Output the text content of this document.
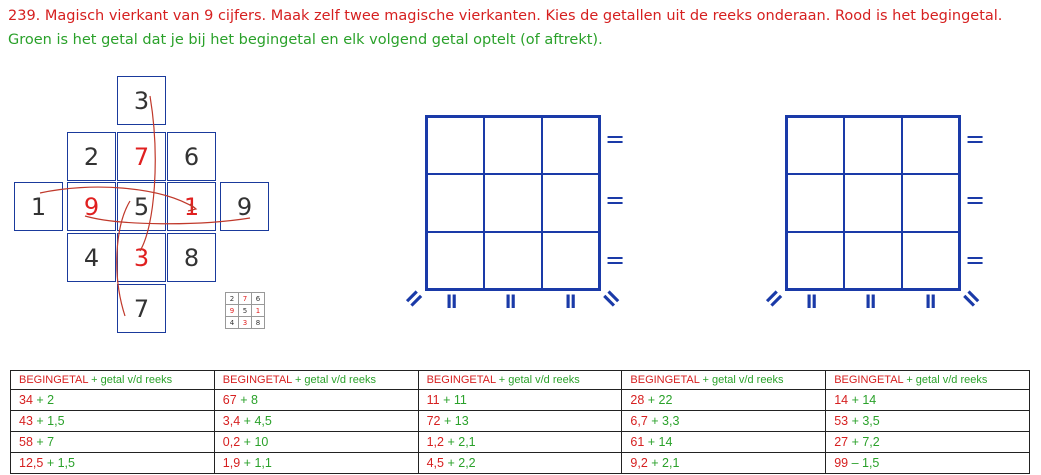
239. Magisch vierkant van 9 cijfers. Maak zelf twee magische vierkanten. Kies de getallen uit de reeks onderaan. Rood is het begingetal. Groen is het getal dat je bij het begingetal en elk volgend getal optelt (of aftrekt).
3
2	7	6
1	9	5	1	9
4	3	8
7	2	7	6
9	5	1
4	3	8
=
=
=
ll	ll	ll
ll	ll
=
=
=
ll	ll	ll
ll	ll
BEGINGETAL + getal v/d reeks	BEGINGETAL + getal v/d reeks	BEGINGETAL + getal v/d reeks	BEGINGETAL + getal v/d reeks	BEGINGETAL + getal v/d reeks
34 + 2	67 + 8	11 + 11	28 + 22	14 + 14
43 + 1,5	3,4 + 4,5	72 + 13	6,7 + 3,3	53 + 3,5
58 + 7	0,2 + 10	1,2 + 2,1	61 + 14	27 + 7,2
12,5 + 1,5	1,9 + 1,1	4,5 + 2,2	9,2 + 2,1	99 – 1,5
